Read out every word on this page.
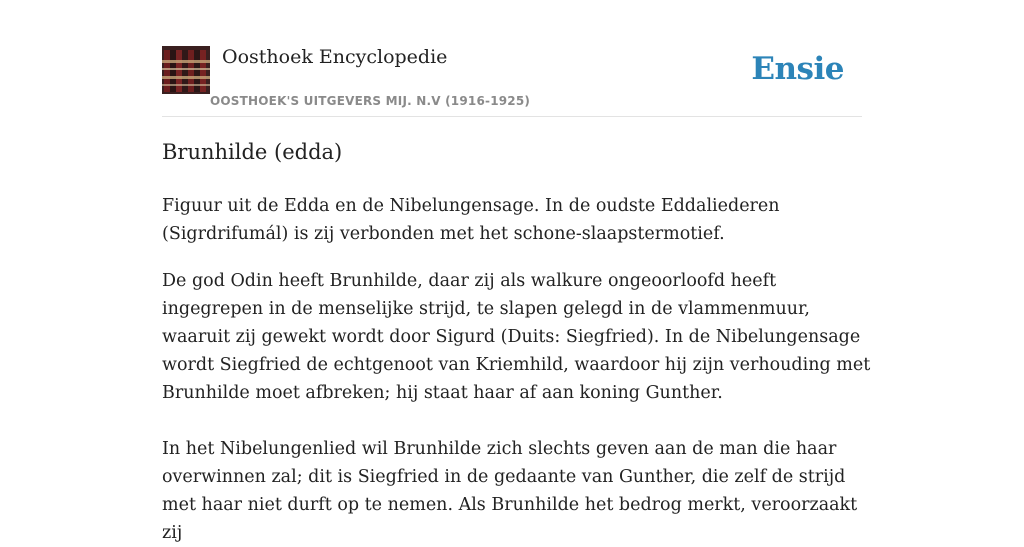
Oosthoek Encyclopedie
OOSTHOEK'S UITGEVERS MIJ. N.V (1916-1925)
Ensie
Brunhilde (edda)

Figuur uit de Edda en de Nibelungensage. In de oudste Eddaliederen (Sigrdrifumál) is zij verbonden met het schone-slaapstermotief.

De god Odin heeft Brunhilde, daar zij als walkure ongeoorloofd heeft ingegrepen in de menselijke strijd, te slapen gelegd in de vlammenmuur, waaruit zij gewekt wordt door Sigurd (Duits: Siegfried). In de Nibelungensage wordt Siegfried de echtgenoot van Kriemhild, waardoor hij zijn verhouding met Brunhilde moet afbreken; hij staat haar af aan koning Gunther.

In het Nibelungenlied wil Brunhilde zich slechts geven aan de man die haar overwinnen zal; dit is Siegfried in de gedaante van Gunther, die zelf de strijd met haar niet durft op te nemen. Als Brunhilde het bedrog merkt, veroorzaakt zij
